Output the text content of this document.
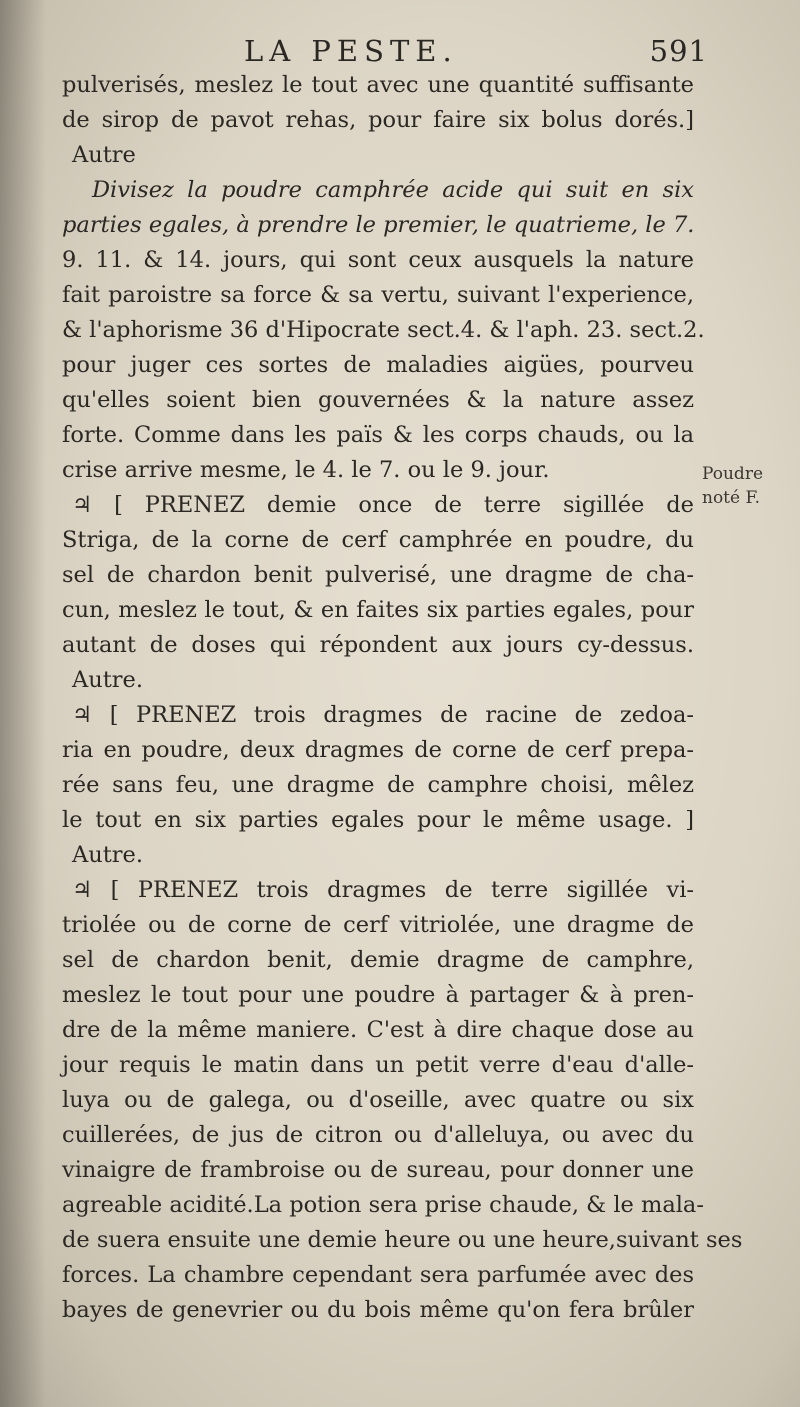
LA PESTE.	591
pulverisés, meslez le tout avec une quantité suffisante
de sirop de pavot rehas, pour faire six bolus dorés.]
Autre
Divisez la poudre camphrée acide qui suit en six
parties egales, à prendre le premier, le quatrieme, le 7.
9. 11. & 14. jours, qui sont ceux ausquels la nature
fait paroistre sa force & sa vertu, suivant l'experience,
& l'aphorisme 36 d'Hipocrate sect.4. & l'aph. 23. sect.2.
pour juger ces sortes de maladies aigües, pourveu
qu'elles soient bien gouvernées & la nature assez
forte. Comme dans les païs & les corps chauds, ou la
crise arrive mesme, le 4. le 7. ou le 9. jour.
♃ [ PRENEZ demie once de terre sigillée de
Striga, de la corne de cerf camphrée en poudre, du
sel de chardon benit pulverisé, une dragme de cha-
cun, meslez le tout, & en faites six parties egales, pour
autant de doses qui répondent aux jours cy-dessus.
Autre.
♃ [ PRENEZ trois dragmes de racine de zedoa-
ria en poudre, deux dragmes de corne de cerf prepa-
rée sans feu, une dragme de camphre choisi, mêlez
le tout en six parties egales pour le même usage. ]
Autre.
♃ [ PRENEZ trois dragmes de terre sigillée vi-
triolée ou de corne de cerf vitriolée, une dragme de
sel de chardon benit, demie dragme de camphre,
meslez le tout pour une poudre à partager & à pren-
dre de la même maniere. C'est à dire chaque dose au
jour requis le matin dans un petit verre d'eau d'alle-
luya ou de galega, ou d'oseille, avec quatre ou six
cuillerées, de jus de citron ou d'alleluya, ou avec du
vinaigre de frambroise ou de sureau, pour donner une
agreable acidité.La potion sera prise chaude, & le mala-
de suera ensuite une demie heure ou une heure,suivant ses
forces. La chambre cependant sera parfumée avec des
bayes de genevrier ou du bois même qu'on fera brûler
Poudre
noté F.
